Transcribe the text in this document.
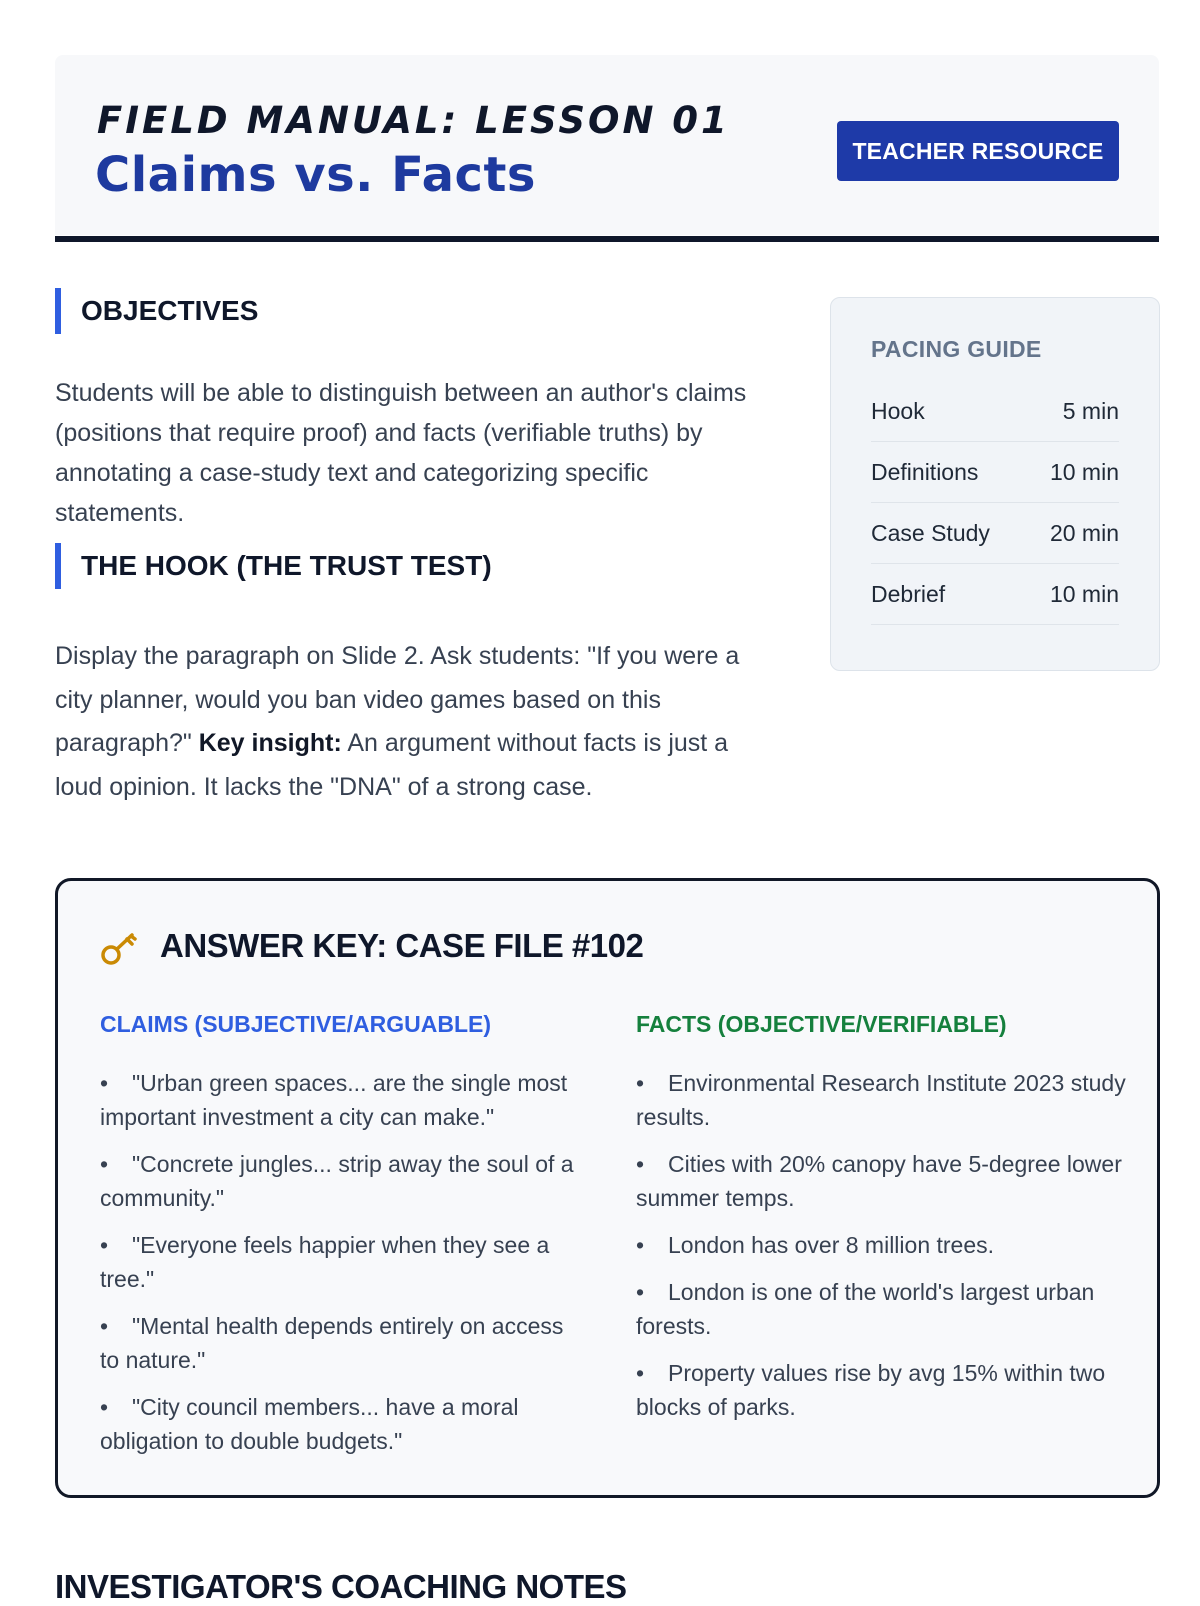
FIELD MANUAL: LESSON 01
Claims vs. Facts	TEACHER RESOURCE
OBJECTIVES

Students will be able to distinguish between an author's claims (positions that require proof) and facts (verifiable truths) by annotating a case-study text and categorizing specific statements.

THE HOOK (THE TRUST TEST)

Display the paragraph on Slide 2. Ask students: "If you were a city planner, would you ban video games based on this paragraph?" Key insight: An argument without facts is just a loud opinion. It lacks the "DNA" of a strong case.

PACING GUIDE
Hook	5 min
Definitions	10 min
Case Study	20 min
Debrief	10 min
ANSWER KEY: CASE FILE #102
CLAIMS (SUBJECTIVE/ARGUABLE)
• "Urban green spaces... are the single most important investment a city can make."
• "Concrete jungles... strip away the soul of a community."
• "Everyone feels happier when they see a tree."
• "Mental health depends entirely on access to nature."
• "City council members... have a moral obligation to double budgets."
FACTS (OBJECTIVE/VERIFIABLE)
• Environmental Research Institute 2023 study results.
• Cities with 20% canopy have 5-degree lower summer temps.
• London has over 8 million trees.
• London is one of the world's largest urban forests.
• Property values rise by avg 15% within two blocks of parks.
INVESTIGATOR'S COACHING NOTES
